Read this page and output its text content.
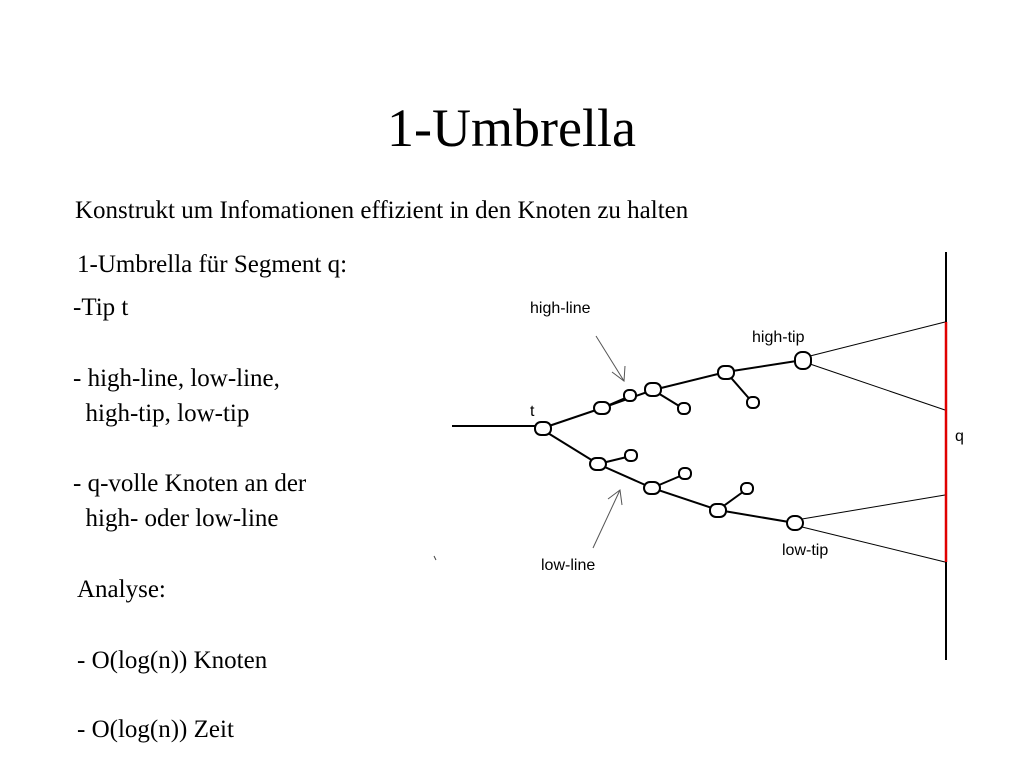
1-Umbrella
Konstrukt um Infomationen effizient in den Knoten zu halten
1-Umbrella für Segment q:
-Tip t
- high-line, low-line,
high-tip, low-tip
- q-volle Knoten an der
high- oder low-line
Analyse:
- O(log(n)) Knoten
- O(log(n)) Zeit
high-line
high-tip
t
q
low-line
low-tip
